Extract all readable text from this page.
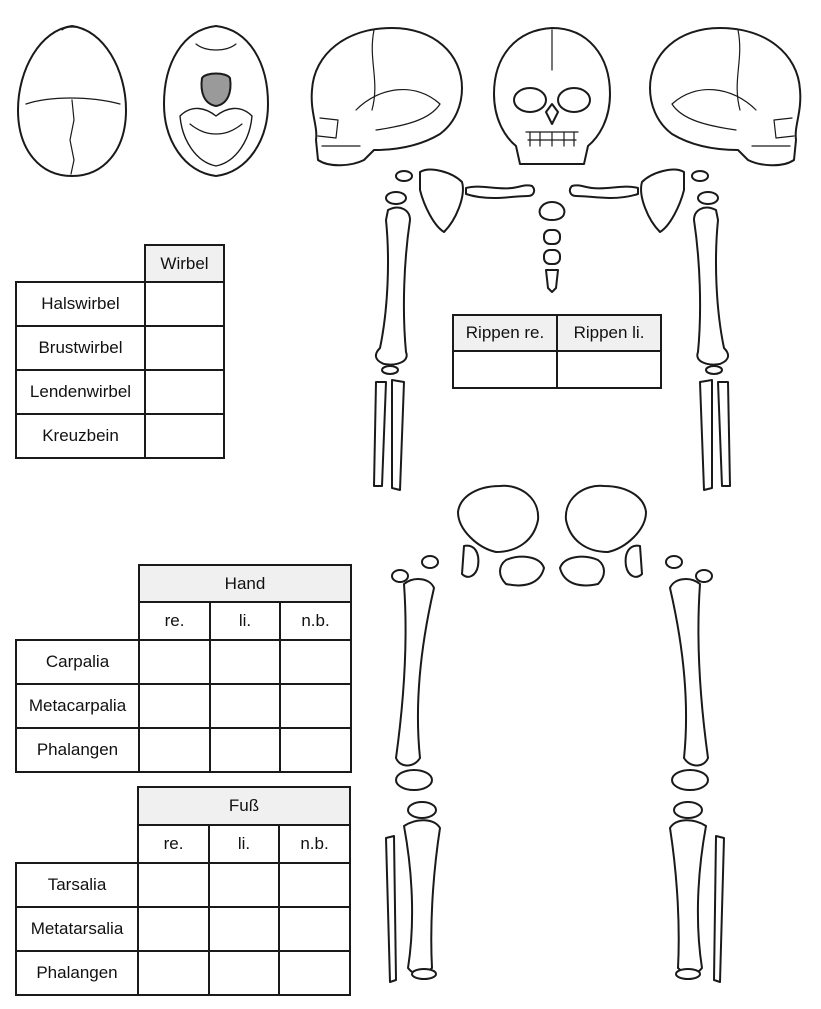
	Wirbel
Halswirbel	
Brustwirbel	
Lendenwirbel	
Kreuzbein	
Rippen re.	Rippen li.

	Hand		
	re.	li.	n.b.
Carpalia			
Metacarpalia			
Phalangen			
	Fuß		
	re.	li.	n.b.
Tarsalia			
Metatarsalia			
Phalangen			
